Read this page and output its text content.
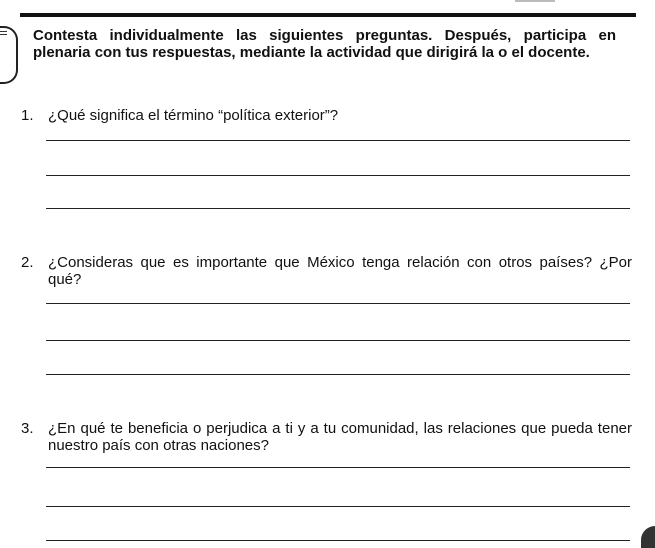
Contesta individualmente las siguientes preguntas. Después, participa en plenaria con tus respuestas, mediante la actividad que dirigirá la o el docente.

1. ¿Qué significa el término “política exterior”?

2. ¿Consideras que es importante que México tenga relación con otros países? ¿Por qué?

3. ¿En qué te beneficia o perjudica a ti y a tu comunidad, las relaciones que pueda tener nuestro país con otras naciones?
